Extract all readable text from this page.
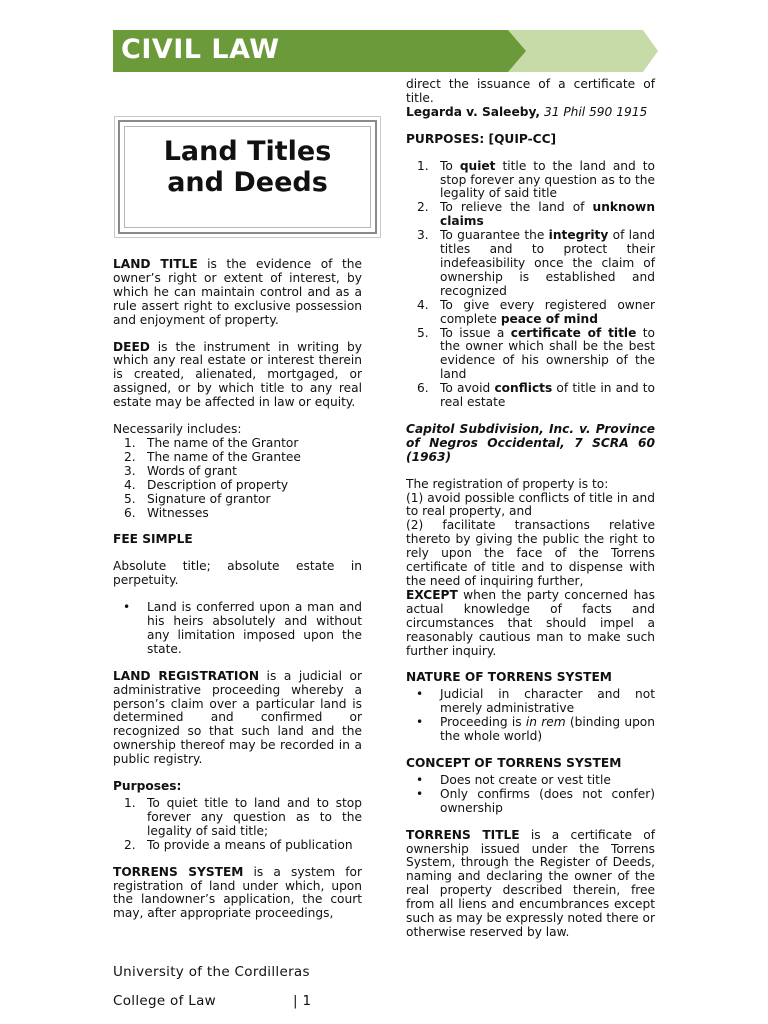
CIVIL LAW
Land Titles
and Deeds

LAND TITLE is the evidence of the owner’s right or extent of interest, by which he can maintain control and as a rule assert right to exclusive possession and enjoyment of property.

DEED is the instrument in writing by which any real estate or interest therein is created, alienated, mortgaged, or assigned, or by which title to any real estate may be affected in law or equity.

Necessarily includes:

1. The name of the Grantor
2. The name of the Grantee
3. Words of grant
4. Description of property
5. Signature of grantor
6. Witnesses

FEE SIMPLE

Absolute title; absolute estate in perpetuity.

• Land is conferred upon a man and his heirs absolutely and without any limitation imposed upon the state.

LAND REGISTRATION is a judicial or administrative proceeding whereby a person’s claim over a particular land is determined and confirmed or recognized so that such land and the ownership thereof may be recorded in a public registry.

Purposes:

1. To quiet title to land and to stop forever any question as to the legality of said title;
2. To provide a means of publication

TORRENS SYSTEM is a system for registration of land under which, upon the landowner’s application, the court may, after appropriate proceedings,

direct the issuance of a certificate of title.

Legarda v. Saleeby, 31 Phil 590 1915

PURPOSES: [QUIP-CC]

1. To quiet title to the land and to stop forever any question as to the legality of said title
2. To relieve the land of unknown claims
3. To guarantee the integrity of land titles and to protect their indefeasibility once the claim of ownership is established and recognized
4. To give every registered owner complete peace of mind
5. To issue a certificate of title to the owner which shall be the best evidence of his ownership of the land
6. To avoid conflicts of title in and to real estate

Capitol Subdivision, Inc. v. Province of Negros Occidental, 7 SCRA 60 (1963)

The registration of property is to:

(1) avoid possible conflicts of title in and to real property, and

(2) facilitate transactions relative thereto by giving the public the right to rely upon the face of the Torrens certificate of title and to dispense with the need of inquiring further,

EXCEPT when the party concerned has actual knowledge of facts and circumstances that should impel a reasonably cautious man to make such further inquiry.

NATURE OF TORRENS SYSTEM

• Judicial in character and not merely administrative
• Proceeding is in rem (binding upon the whole world)

CONCEPT OF TORRENS SYSTEM

• Does not create or vest title
• Only confirms (does not confer) ownership

TORRENS TITLE is a certificate of ownership issued under the Torrens System, through the Register of Deeds, naming and declaring the owner of the real property described therein, free from all liens and encumbrances except such as may be expressly noted there or otherwise reserved by law.

University of the Cordilleras
College of Law	| 1
